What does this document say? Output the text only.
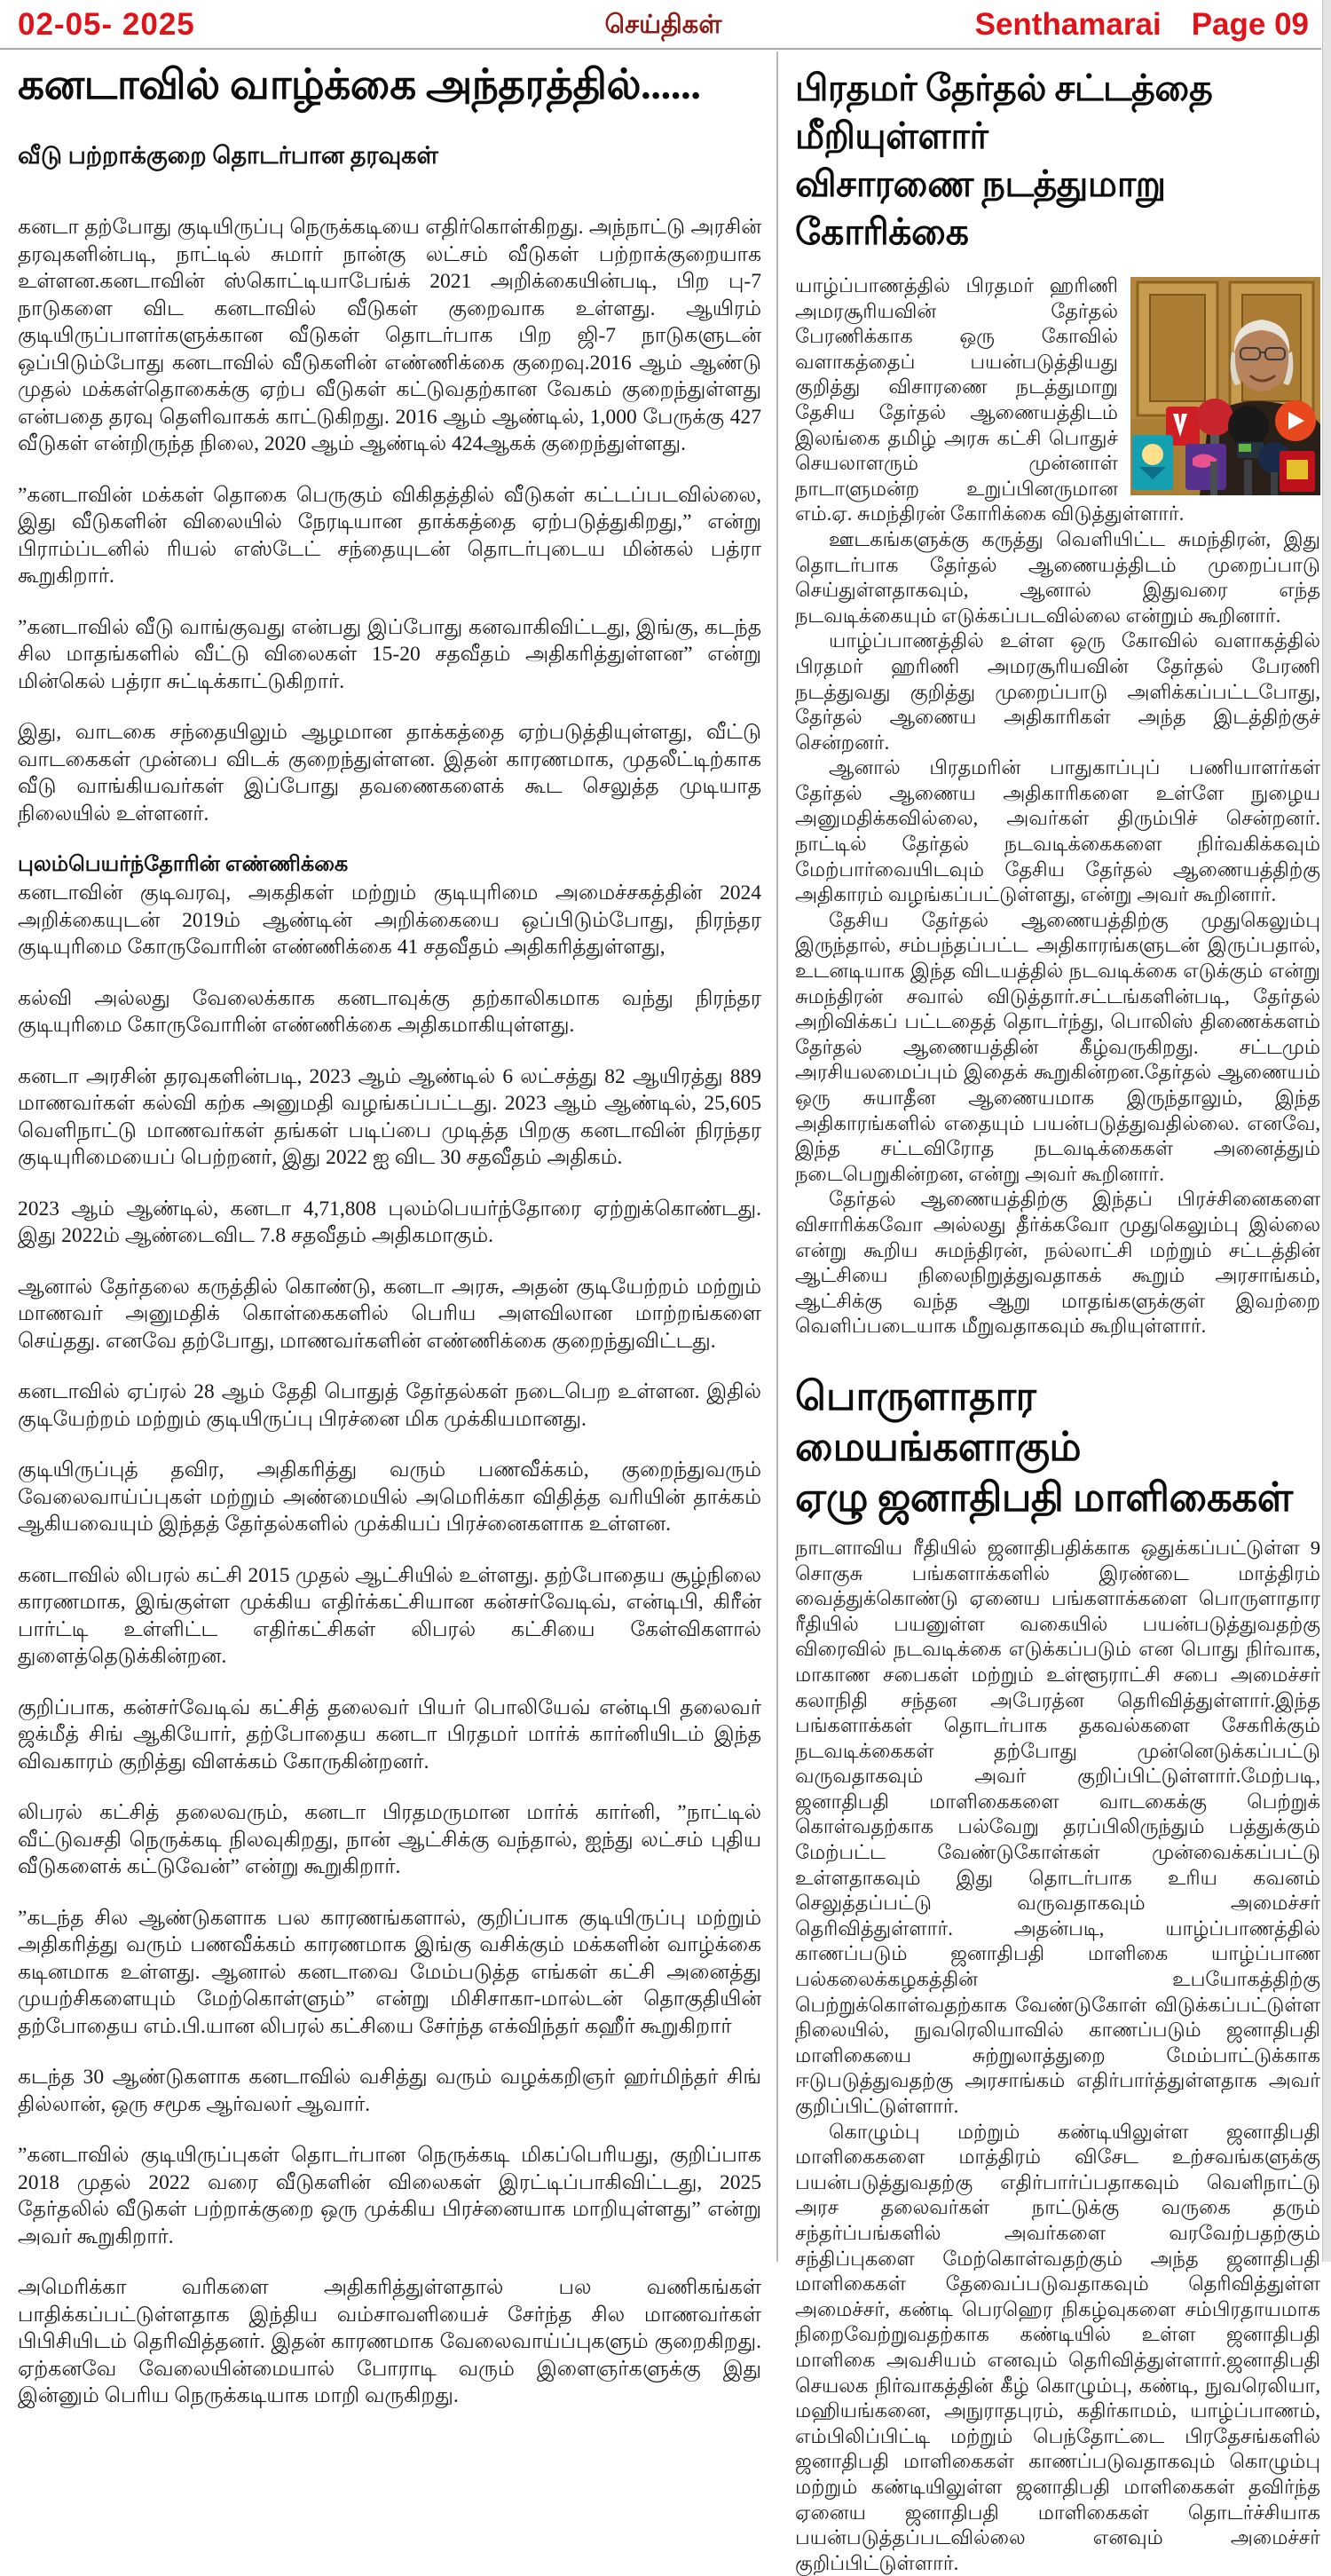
02-05- 2025	செய்திகள்	Senthamarai Page 09
கனடாவில் வாழ்க்கை அந்தரத்தில்......
வீடு பற்றாக்குறை தொடர்பான தரவுகள்

கனடா தற்போது குடியிருப்பு நெருக்கடியை எதிர்கொள்கிறது. அந்நாட்டு அரசின் தரவுகளின்படி, நாட்டில் சுமார் நான்கு லட்சம் வீடுகள் பற்றாக்குறையாக உள்ளன.கனடாவின் ஸ்கொட்டியாபேங்க் 2021 அறிக்கையின்படி, பிற பு-7 நாடுகளை விட கனடாவில் வீடுகள் குறைவாக உள்ளது. ஆயிரம் குடியிருப்பாளர்களுக்கான வீடுகள் தொடர்பாக பிற ஜி-7 நாடுகளுடன் ஒப்பிடும்போது கனடாவில் வீடுகளின் எண்ணிக்கை குறைவு.2016 ஆம் ஆண்டு முதல் மக்கள்தொகைக்கு ஏற்ப வீடுகள் கட்டுவதற்கான வேகம் குறைந்துள்ளது என்பதை தரவு தெளிவாகக் காட்டுகிறது. 2016 ஆம் ஆண்டில், 1,000 பேருக்கு 427 வீடுகள் என்றிருந்த நிலை, 2020 ஆம் ஆண்டில் 424ஆகக் குறைந்துள்ளது.

”கனடாவின் மக்கள் தொகை பெருகும் விகிதத்தில் வீடுகள் கட்டப்படவில்லை, இது வீடுகளின் விலையில் நேரடியான தாக்கத்தை ஏற்படுத்துகிறது,” என்று பிராம்ப்டனில் ரியல் எஸ்டேட் சந்தையுடன் தொடர்புடைய மின்கல் பத்ரா கூறுகிறார்.

”கனடாவில் வீடு வாங்குவது என்பது இப்போது கனவாகிவிட்டது, இங்கு, கடந்த சில மாதங்களில் வீட்டு விலைகள் 15-20 சதவீதம் அதிகரித்துள்ளன” என்று மின்கெல் பத்ரா சுட்டிக்காட்டுகிறார்.

இது, வாடகை சந்தையிலும் ஆழமான தாக்கத்தை ஏற்படுத்தியுள்ளது, வீட்டு வாடகைகள் முன்பை விடக் குறைந்துள்ளன. இதன் காரணமாக, முதலீட்டிற்காக வீடு வாங்கியவர்கள் இப்போது தவணைகளைக் கூட செலுத்த முடியாத நிலையில் உள்ளனர்.

புலம்பெயர்ந்தோரின் எண்ணிக்கை

கனடாவின் குடிவரவு, அகதிகள் மற்றும் குடியுரிமை அமைச்சகத்தின் 2024 அறிக்கையுடன் 2019ம் ஆண்டின் அறிக்கையை ஒப்பிடும்போது, நிரந்தர குடியுரிமை கோருவோரின் எண்ணிக்கை 41 சதவீதம் அதிகரித்துள்ளது,

கல்வி அல்லது வேலைக்காக கனடாவுக்கு தற்காலிகமாக வந்து நிரந்தர குடியுரிமை கோருவோரின் எண்ணிக்கை அதிகமாகியுள்ளது.

கனடா அரசின் தரவுகளின்படி, 2023 ஆம் ஆண்டில் 6 லட்சத்து 82 ஆயிரத்து 889 மாணவர்கள் கல்வி கற்க அனுமதி வழங்கப்பட்டது. 2023 ஆம் ஆண்டில், 25,605 வெளிநாட்டு மாணவர்கள் தங்கள் படிப்பை முடித்த பிறகு கனடாவின் நிரந்தர குடியுரிமையைப் பெற்றனர், இது 2022 ஐ விட 30 சதவீதம் அதிகம்.

2023 ஆம் ஆண்டில், கனடா 4,71,808 புலம்பெயர்ந்தோரை ஏற்றுக்கொண்டது. இது 2022ம் ஆண்டைவிட 7.8 சதவீதம் அதிகமாகும்.

ஆனால் தேர்தலை கருத்தில் கொண்டு, கனடா அரசு, அதன் குடியேற்றம் மற்றும் மாணவர் அனுமதிக் கொள்கைகளில் பெரிய அளவிலான மாற்றங்களை செய்தது. எனவே தற்போது, மாணவர்களின் எண்ணிக்கை குறைந்துவிட்டது.

கனடாவில் ஏப்ரல் 28 ஆம் தேதி பொதுத் தேர்தல்கள் நடைபெற உள்ளன. இதில் குடியேற்றம் மற்றும் குடியிருப்பு பிரச்னை மிக முக்கியமானது.

குடியிருப்புத் தவிர, அதிகரித்து வரும் பணவீக்கம், குறைந்துவரும் வேலைவாய்ப்புகள் மற்றும் அண்மையில் அமெரிக்கா விதித்த வரியின் தாக்கம் ஆகியவையும் இந்தத் தேர்தல்களில் முக்கியப் பிரச்னைகளாக உள்ளன.

கனடாவில் லிபரல் கட்சி 2015 முதல் ஆட்சியில் உள்ளது. தற்போதைய சூழ்நிலை காரணமாக, இங்குள்ள முக்கிய எதிர்க்கட்சியான கன்சர்வேடிவ், என்டிபி, கிரீன் பார்ட்டி உள்ளிட்ட எதிர்கட்சிகள் லிபரல் கட்சியை கேள்விகளால் துளைத்தெடுக்கின்றன.

குறிப்பாக, கன்சர்வேடிவ் கட்சித் தலைவர் பியர் பொலியேவ் என்டிபி தலைவர் ஜக்மீத் சிங் ஆகியோர், தற்போதைய கனடா பிரதமர் மார்க் கார்னியிடம் இந்த விவகாரம் குறித்து விளக்கம் கோருகின்றனர்.

லிபரல் கட்சித் தலைவரும், கனடா பிரதமருமான மார்க் கார்னி, ”நாட்டில் வீட்டுவசதி நெருக்கடி நிலவுகிறது, நான் ஆட்சிக்கு வந்தால், ஐந்து லட்சம் புதிய வீடுகளைக் கட்டுவேன்” என்று கூறுகிறார்.

”கடந்த சில ஆண்டுகளாக பல காரணங்களால், குறிப்பாக குடியிருப்பு மற்றும் அதிகரித்து வரும் பணவீக்கம் காரணமாக இங்கு வசிக்கும் மக்களின் வாழ்க்கை கடினமாக உள்ளது. ஆனால் கனடாவை மேம்படுத்த எங்கள் கட்சி அனைத்து முயற்சிகளையும் மேற்கொள்ளும்” என்று மிசிசாகா-மால்டன் தொகுதியின் தற்போதைய எம்.பி.யான லிபரல் கட்சியை சேர்ந்த எக்விந்தர் கஹீர் கூறுகிறார்

கடந்த 30 ஆண்டுகளாக கனடாவில் வசித்து வரும் வழக்கறிஞர் ஹர்மிந்தர் சிங் தில்லான், ஒரு சமூக ஆர்வலர் ஆவார்.

”கனடாவில் குடியிருப்புகள் தொடர்பான நெருக்கடி மிகப்பெரியது, குறிப்பாக 2018 முதல் 2022 வரை வீடுகளின் விலைகள் இரட்டிப்பாகிவிட்டது, 2025 தேர்தலில் வீடுகள் பற்றாக்குறை ஒரு முக்கிய பிரச்னையாக மாறியுள்ளது” என்று அவர் கூறுகிறார்.

அமெரிக்கா வரிகளை அதிகரித்துள்ளதால் பல வணிகங்கள் பாதிக்கப்பட்டுள்ளதாக இந்திய வம்சாவளியைச் சேர்ந்த சில மாணவர்கள் பிபிசியிடம் தெரிவித்தனர். இதன் காரணமாக வேலைவாய்ப்புகளும் குறைகிறது. ஏற்கனவே வேலையின்மையால் போராடி வரும் இளைஞர்களுக்கு இது இன்னும் பெரிய நெருக்கடியாக மாறி வருகிறது.

பிரதமர் தேர்தல் சட்டத்தை மீறியுள்ளார்
விசாரணை நடத்துமாறு கோரிக்கை

யாழ்ப்பாணத்தில் பிரதமர் ஹரிணி அமரசூரியவின் தேர்தல் பேரணிக்காக ஒரு கோவில் வளாகத்தைப் பயன்படுத்தியது குறித்து விசாரணை நடத்துமாறு தேசிய தேர்தல் ஆணையத்திடம் இலங்கை தமிழ் அரசு கட்சி பொதுச் செயலாளரும் முன்னாள் நாடாளுமன்ற உறுப்பினருமான எம்.ஏ. சுமந்திரன் கோரிக்கை விடுத்துள்ளார்.

ஊடகங்களுக்கு கருத்து வெளியிட்ட சுமந்திரன், இது தொடர்பாக தேர்தல் ஆணையத்திடம் முறைப்பாடு செய்துள்ளதாகவும், ஆனால் இதுவரை எந்த நடவடிக்கையும் எடுக்கப்படவில்லை என்றும் கூறினார்.

யாழ்ப்பாணத்தில் உள்ள ஒரு கோவில் வளாகத்தில் பிரதமர் ஹரிணி அமரசூரியவின் தேர்தல் பேரணி நடத்துவது குறித்து முறைப்பாடு அளிக்கப்பட்டபோது, தேர்தல் ஆணைய அதிகாரிகள் அந்த இடத்திற்குச் சென்றனர்.

ஆனால் பிரதமரின் பாதுகாப்புப் பணியாளர்கள் தேர்தல் ஆணைய அதிகாரிகளை உள்ளே நுழைய அனுமதிக்கவில்லை, அவர்கள் திரும்பிச் சென்றனர். நாட்டில் தேர்தல் நடவடிக்கைகளை நிர்வகிக்கவும் மேற்பார்வையிடவும் தேசிய தேர்தல் ஆணையத்திற்கு அதிகாரம் வழங்கப்பட்டுள்ளது, என்று அவர் கூறினார்.

தேசிய தேர்தல் ஆணையத்திற்கு முதுகெலும்பு இருந்தால், சம்பந்தப்பட்ட அதிகாரங்களுடன் இருப்பதால், உடனடியாக இந்த விடயத்தில் நடவடிக்கை எடுக்கும் என்று சுமந்திரன் சவால் விடுத்தார்.சட்டங்களின்படி, தேர்தல் அறிவிக்கப் பட்டதைத் தொடர்ந்து, பொலிஸ் திணைக்களம் தேர்தல் ஆணையத்தின் கீழ்வருகிறது. சட்டமும் அரசியலமைப்பும் இதைக் கூறுகின்றன.தேர்தல் ஆணையம் ஒரு சுயாதீன ஆணையமாக இருந்தாலும், இந்த அதிகாரங்களில் எதையும் பயன்படுத்துவதில்லை. எனவே, இந்த சட்டவிரோத நடவடிக்கைகள் அனைத்தும் நடைபெறுகின்றன, என்று அவர் கூறினார்.

தேர்தல் ஆணையத்திற்கு இந்தப் பிரச்சினைகளை விசாரிக்கவோ அல்லது தீர்க்கவோ முதுகெலும்பு இல்லை என்று கூறிய சுமந்திரன், நல்லாட்சி மற்றும் சட்டத்தின் ஆட்சியை நிலைநிறுத்துவதாகக் கூறும் அரசாங்கம், ஆட்சிக்கு வந்த ஆறு மாதங்களுக்குள் இவற்றை வெளிப்படையாக மீறுவதாகவும் கூறியுள்ளார்.

பொருளாதார மையங்களாகும்
ஏழு ஜனாதிபதி மாளிகைகள்

நாடளாவிய ரீதியில் ஜனாதிபதிக்காக ஒதுக்கப்பட்டுள்ள 9 சொகுசு பங்களாக்களில் இரண்டை மாத்திரம் வைத்துக்கொண்டு ஏனைய பங்களாக்களை பொருளாதார ரீதியில் பயனுள்ள வகையில் பயன்படுத்துவதற்கு விரைவில் நடவடிக்கை எடுக்கப்படும் என பொது நிர்வாக, மாகாண சபைகள் மற்றும் உள்ளூராட்சி சபை அமைச்சர் கலாநிதி சந்தன அபேரத்ன தெரிவித்துள்ளார்.இந்த பங்களாக்கள் தொடர்பாக தகவல்களை சேகரிக்கும் நடவடிக்கைகள் தற்போது முன்னெடுக்கப்பட்டு வருவதாகவும் அவர் குறிப்பிட்டுள்ளார்.மேற்படி, ஜனாதிபதி மாளிகைகளை வாடகைக்கு பெற்றுக் கொள்வதற்காக பல்வேறு தரப்பிலிருந்தும் பத்துக்கும் மேற்பட்ட வேண்டுகோள்கள் முன்வைக்கப்பட்டு உள்ளதாகவும் இது தொடர்பாக உரிய கவனம் செலுத்தப்பட்டு வருவதாகவும் அமைச்சர் தெரிவித்துள்ளார். அதன்படி, யாழ்ப்பாணத்தில் காணப்படும் ஜனாதிபதி மாளிகை யாழ்ப்பாண பல்கலைக்கழகத்தின் உபயோகத்திற்கு பெற்றுக்கொள்வதற்காக வேண்டுகோள் விடுக்கப்பட்டுள்ள நிலையில், நுவரெலியாவில் காணப்படும் ஜனாதிபதி மாளிகையை சுற்றுலாத்துறை மேம்பாட்டுக்காக ஈடுபடுத்துவதற்கு அரசாங்கம் எதிர்பார்த்துள்ளதாக அவர் குறிப்பிட்டுள்ளார்.

கொழும்பு மற்றும் கண்டியிலுள்ள ஜனாதிபதி மாளிகைகளை மாத்திரம் விசேட உற்சவங்களுக்கு பயன்படுத்துவதற்கு எதிர்பார்ப்பதாகவும் வெளிநாட்டு அரச தலைவர்கள் நாட்டுக்கு வருகை தரும் சந்தர்ப்பங்களில் அவர்களை வரவேற்பதற்கும் சந்திப்புகளை மேற்கொள்வதற்கும் அந்த ஜனாதிபதி மாளிகைகள் தேவைப்படுவதாகவும் தெரிவித்துள்ள அமைச்சர், கண்டி பெரஹெர நிகழ்வுகளை சம்பிரதாயமாக நிறைவேற்றுவதற்காக கண்டியில் உள்ள ஜனாதிபதி மாளிகை அவசியம் எனவும் தெரிவித்துள்ளார்.ஜனாதிபதி செயலக நிர்வாகத்தின் கீழ் கொழும்பு, கண்டி, நுவரெலியா, மஹியங்கனை, அநுராதபுரம், கதிர்காமம், யாழ்ப்பாணம், எம்பிலிப்பிட்டி மற்றும் பெந்தோட்டை பிரதேசங்களில் ஜனாதிபதி மாளிகைகள் காணப்படுவதாகவும் கொழும்பு மற்றும் கண்டியிலுள்ள ஜனாதிபதி மாளிகைகள் தவிர்ந்த ஏனைய ஜனாதிபதி மாளிகைகள் தொடர்ச்சியாக பயன்படுத்தப்படவில்லை எனவும் அமைச்சர் குறிப்பிட்டுள்ளார்.
